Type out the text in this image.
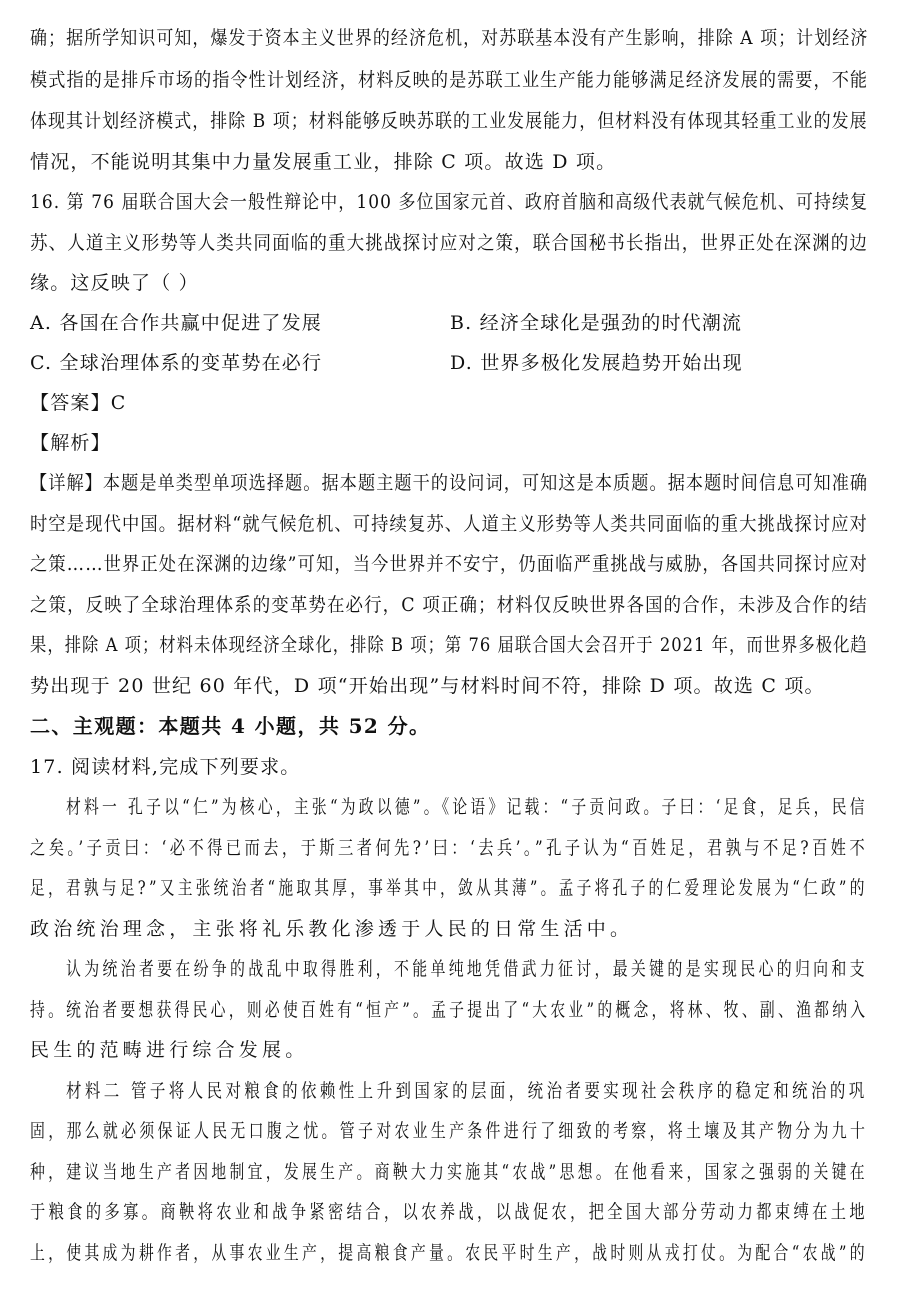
确；据所学知识可知，爆发于资本主义世界的经济危机，对苏联基本没有产生影响，排除 A 项；计划经济
模式指的是排斥市场的指令性计划经济，材料反映的是苏联工业生产能力能够满足经济发展的需要，不能
体现其计划经济模式，排除 B 项；材料能够反映苏联的工业发展能力，但材料没有体现其轻重工业的发展
情况，不能说明其集中力量发展重工业，排除 C 项。故选 D 项。
16. 第 76 届联合国大会一般性辩论中，100 多位国家元首、政府首脑和高级代表就气候危机、可持续复
苏、人道主义形势等人类共同面临的重大挑战探讨应对之策，联合国秘书长指出，世界正处在深渊的边
缘。这反映了（ ）
A. 各国在合作共赢中促进了发展	B. 经济全球化是强劲的时代潮流
C. 全球治理体系的变革势在必行	D. 世界多极化发展趋势开始出现
【答案】C
【解析】
【详解】本题是单类型单项选择题。据本题主题干的设问词，可知这是本质题。据本题时间信息可知准确
时空是现代中国。据材料“就气候危机、可持续复苏、人道主义形势等人类共同面临的重大挑战探讨应对
之策……世界正处在深渊的边缘”可知，当今世界并不安宁，仍面临严重挑战与威胁，各国共同探讨应对
之策，反映了全球治理体系的变革势在必行，C 项正确；材料仅反映世界各国的合作，未涉及合作的结
果，排除 A 项；材料未体现经济全球化，排除 B 项；第 76 届联合国大会召开于 2021 年，而世界多极化趋
势出现于 20 世纪 60 年代，D 项“开始出现”与材料时间不符，排除 D 项。故选 C 项。
二、主观题：本题共 4 小题，共 52 分。
17. 阅读材料,完成下列要求。
材料一 孔子以“仁”为核心，主张“为政以德”。《论语》记载：“子贡问政。子曰：‘足食，足兵，民信
之矣。’子贡曰：‘必不得已而去，于斯三者何先?’曰：‘去兵’。”孔子认为“百姓足，君孰与不足?百姓不
足，君孰与足?”又主张统治者“施取其厚，事举其中，敛从其薄”。孟子将孔子的仁爱理论发展为“仁政”的
政治统治理念，主张将礼乐教化渗透于人民的日常生活中。
认为统治者要在纷争的战乱中取得胜利，不能单纯地凭借武力征讨，最关键的是实现民心的归向和支
持。统治者要想获得民心，则必使百姓有“恒产”。孟子提出了“大农业”的概念，将林、牧、副、渔都纳入
民生的范畴进行综合发展。
材料二 管子将人民对粮食的依赖性上升到国家的层面，统治者要实现社会秩序的稳定和统治的巩
固，那么就必须保证人民无口腹之忧。管子对农业生产条件进行了细致的考察，将土壤及其产物分为九十
种，建议当地生产者因地制宜，发展生产。商鞅大力实施其“农战”思想。在他看来，国家之强弱的关键在
于粮食的多寡。商鞅将农业和战争紧密结合，以农养战，以战促农，把全国大部分劳动力都束缚在土地
上，使其成为耕作者，从事农业生产，提高粮食产量。农民平时生产，战时则从戎打仗。为配合“农战”的
